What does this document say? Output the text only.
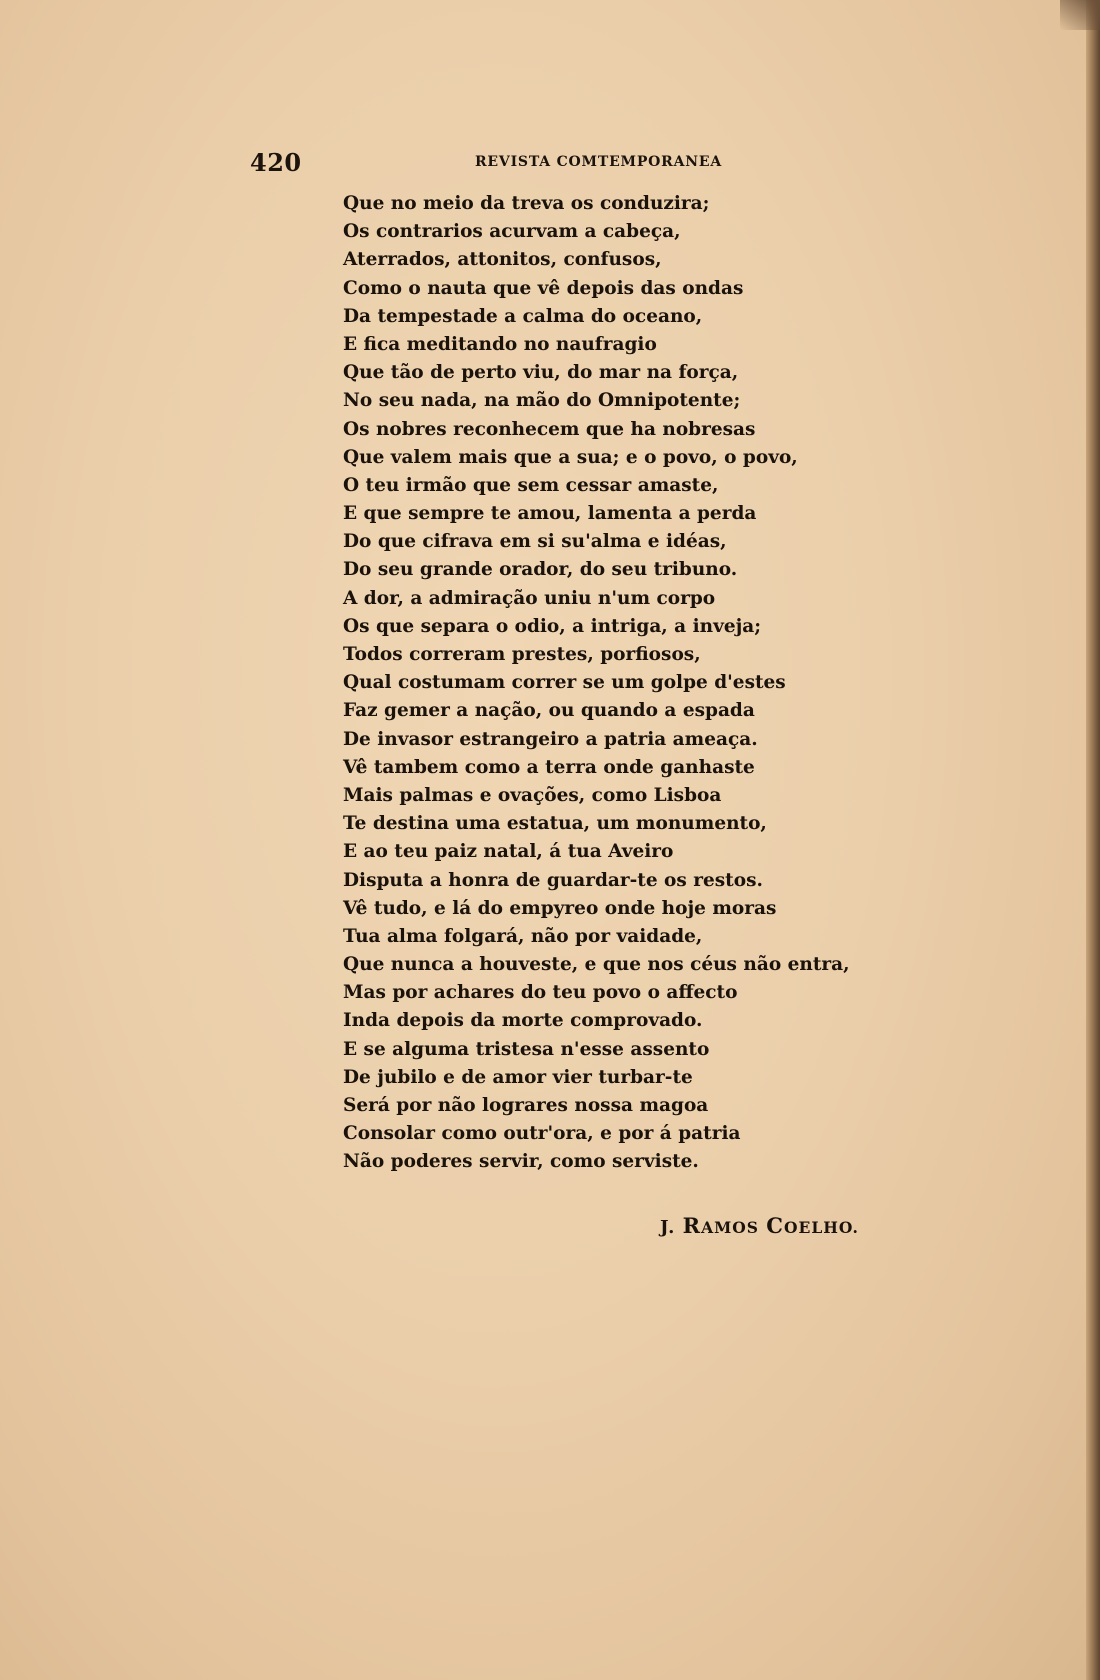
420	REVISTA COMTEMPORANEA
Que no meio da treva os conduzira;
Os contrarios acurvam a cabeça,
Aterrados, attonitos, confusos,
Como o nauta que vê depois das ondas
Da tempestade a calma do oceano,
E fica meditando no naufragio
Que tão de perto viu, do mar na força,
No seu nada, na mão do Omnipotente;
Os nobres reconhecem que ha nobresas
Que valem mais que a sua; e o povo, o povo,
O teu irmão que sem cessar amaste,
E que sempre te amou, lamenta a perda
Do que cifrava em si su'alma e idéas,
Do seu grande orador, do seu tribuno.
A dor, a admiração uniu n'um corpo
Os que separa o odio, a intriga, a inveja;
Todos correram prestes, porfiosos,
Qual costumam correr se um golpe d'estes
Faz gemer a nação, ou quando a espada
De invasor estrangeiro a patria ameaça.
Vê tambem como a terra onde ganhaste
Mais palmas e ovações, como Lisboa
Te destina uma estatua, um monumento,
E ao teu paiz natal, á tua Aveiro
Disputa a honra de guardar-te os restos.
Vê tudo, e lá do empyreo onde hoje moras
Tua alma folgará, não por vaidade,
Que nunca a houveste, e que nos céus não entra,
Mas por achares do teu povo o affecto
Inda depois da morte comprovado.
E se alguma tristesa n'esse assento
De jubilo e de amor vier turbar-te
Será por não lograres nossa magoa
Consolar como outr'ora, e por á patria
Não poderes servir, como serviste.
J. RAMOS COELHO.
